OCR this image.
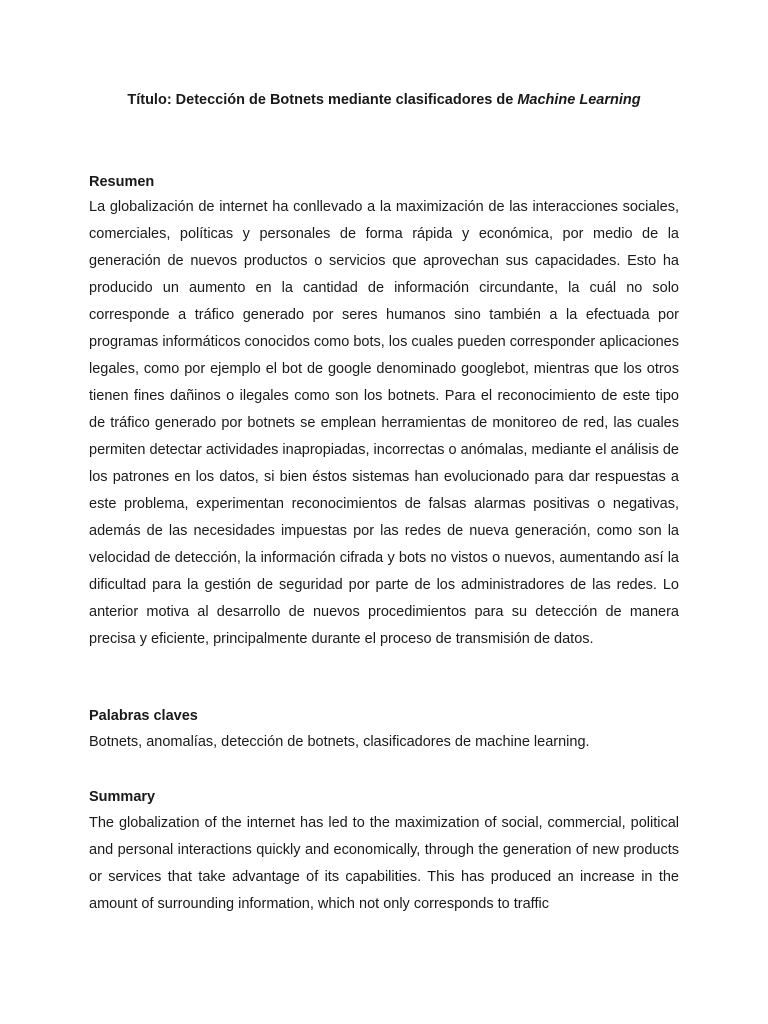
Título: Detección de Botnets mediante clasificadores de Machine Learning
Resumen

La globalización de internet ha conllevado a la maximización de las interacciones sociales, comerciales, políticas y personales de forma rápida y económica, por medio de la generación de nuevos productos o servicios que aprovechan sus capacidades. Esto ha producido un aumento en la cantidad de información circundante, la cuál no solo corresponde a tráfico generado por seres humanos sino también a la efectuada por programas informáticos conocidos como bots, los cuales pueden corresponder aplicaciones legales, como por ejemplo el bot de google denominado googlebot, mientras que los otros tienen fines dañinos o ilegales como son los botnets. Para el reconocimiento de este tipo de tráfico generado por botnets se emplean herramientas de monitoreo de red, las cuales permiten detectar actividades inapropiadas, incorrectas o anómalas, mediante el análisis de los patrones en los datos, si bien éstos sistemas han evolucionado para dar respuestas a este problema, experimentan reconocimientos de falsas alarmas positivas o negativas, además de las necesidades impuestas por las redes de nueva generación, como son la velocidad de detección, la información cifrada y bots no vistos o nuevos, aumentando así la dificultad para la gestión de seguridad por parte de los administradores de las redes. Lo anterior motiva al desarrollo de nuevos procedimientos para su detección de manera precisa y eficiente, principalmente durante el proceso de transmisión de datos.

Palabras claves

Botnets, anomalías, detección de botnets, clasificadores de machine learning.

Summary

The globalization of the internet has led to the maximization of social, commercial, political and personal interactions quickly and economically, through the generation of new products or services that take advantage of its capabilities. This has produced an increase in the amount of surrounding information, which not only corresponds to traffic
